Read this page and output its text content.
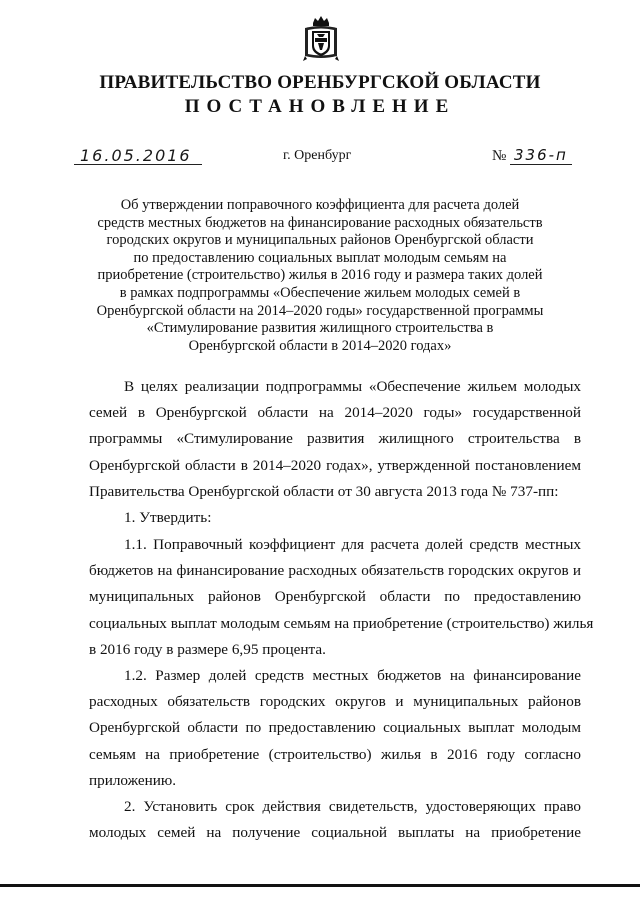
ПРАВИТЕЛЬСТВО ОРЕНБУРГСКОЙ ОБЛАСТИ
ПОСТАНОВЛЕНИЕ
16.05.2016	г. Оренбург	№ 336-п
Об утверждении поправочного коэффициента для расчета долей
средств местных бюджетов на финансирование расходных обязательств
городских округов и муниципальных районов Оренбургской области
по предоставлению социальных выплат молодым семьям на
приобретение (строительство) жилья в 2016 году и размера таких долей
в рамках подпрограммы «Обеспечение жильем молодых семей в
Оренбургской области на 2014–2020 годы» государственной программы
«Стимулирование развития жилищного строительства в
Оренбургской области в 2014–2020 годах»
В целях реализации подпрограммы «Обеспечение жильем молодых
семей в Оренбургской области на 2014–2020 годы» государственной
программы «Стимулирование развития жилищного строительства в
Оренбургской области в 2014–2020 годах», утвержденной постановлением
Правительства Оренбургской области от 30 августа 2013 года № 737-пп:
1. Утвердить:
1.1. Поправочный коэффициент для расчета долей средств местных
бюджетов на финансирование расходных обязательств городских округов и
муниципальных районов Оренбургской области по предоставлению
социальных выплат молодым семьям на приобретение (строительство) жилья
в 2016 году в размере 6,95 процента.
1.2. Размер долей средств местных бюджетов на финансирование
расходных обязательств городских округов и муниципальных районов
Оренбургской области по предоставлению социальных выплат молодым
семьям на приобретение (строительство) жилья в 2016 году согласно
приложению.
2. Установить срок действия свидетельств, удостоверяющих право
молодых семей на получение социальной выплаты на приобретение
